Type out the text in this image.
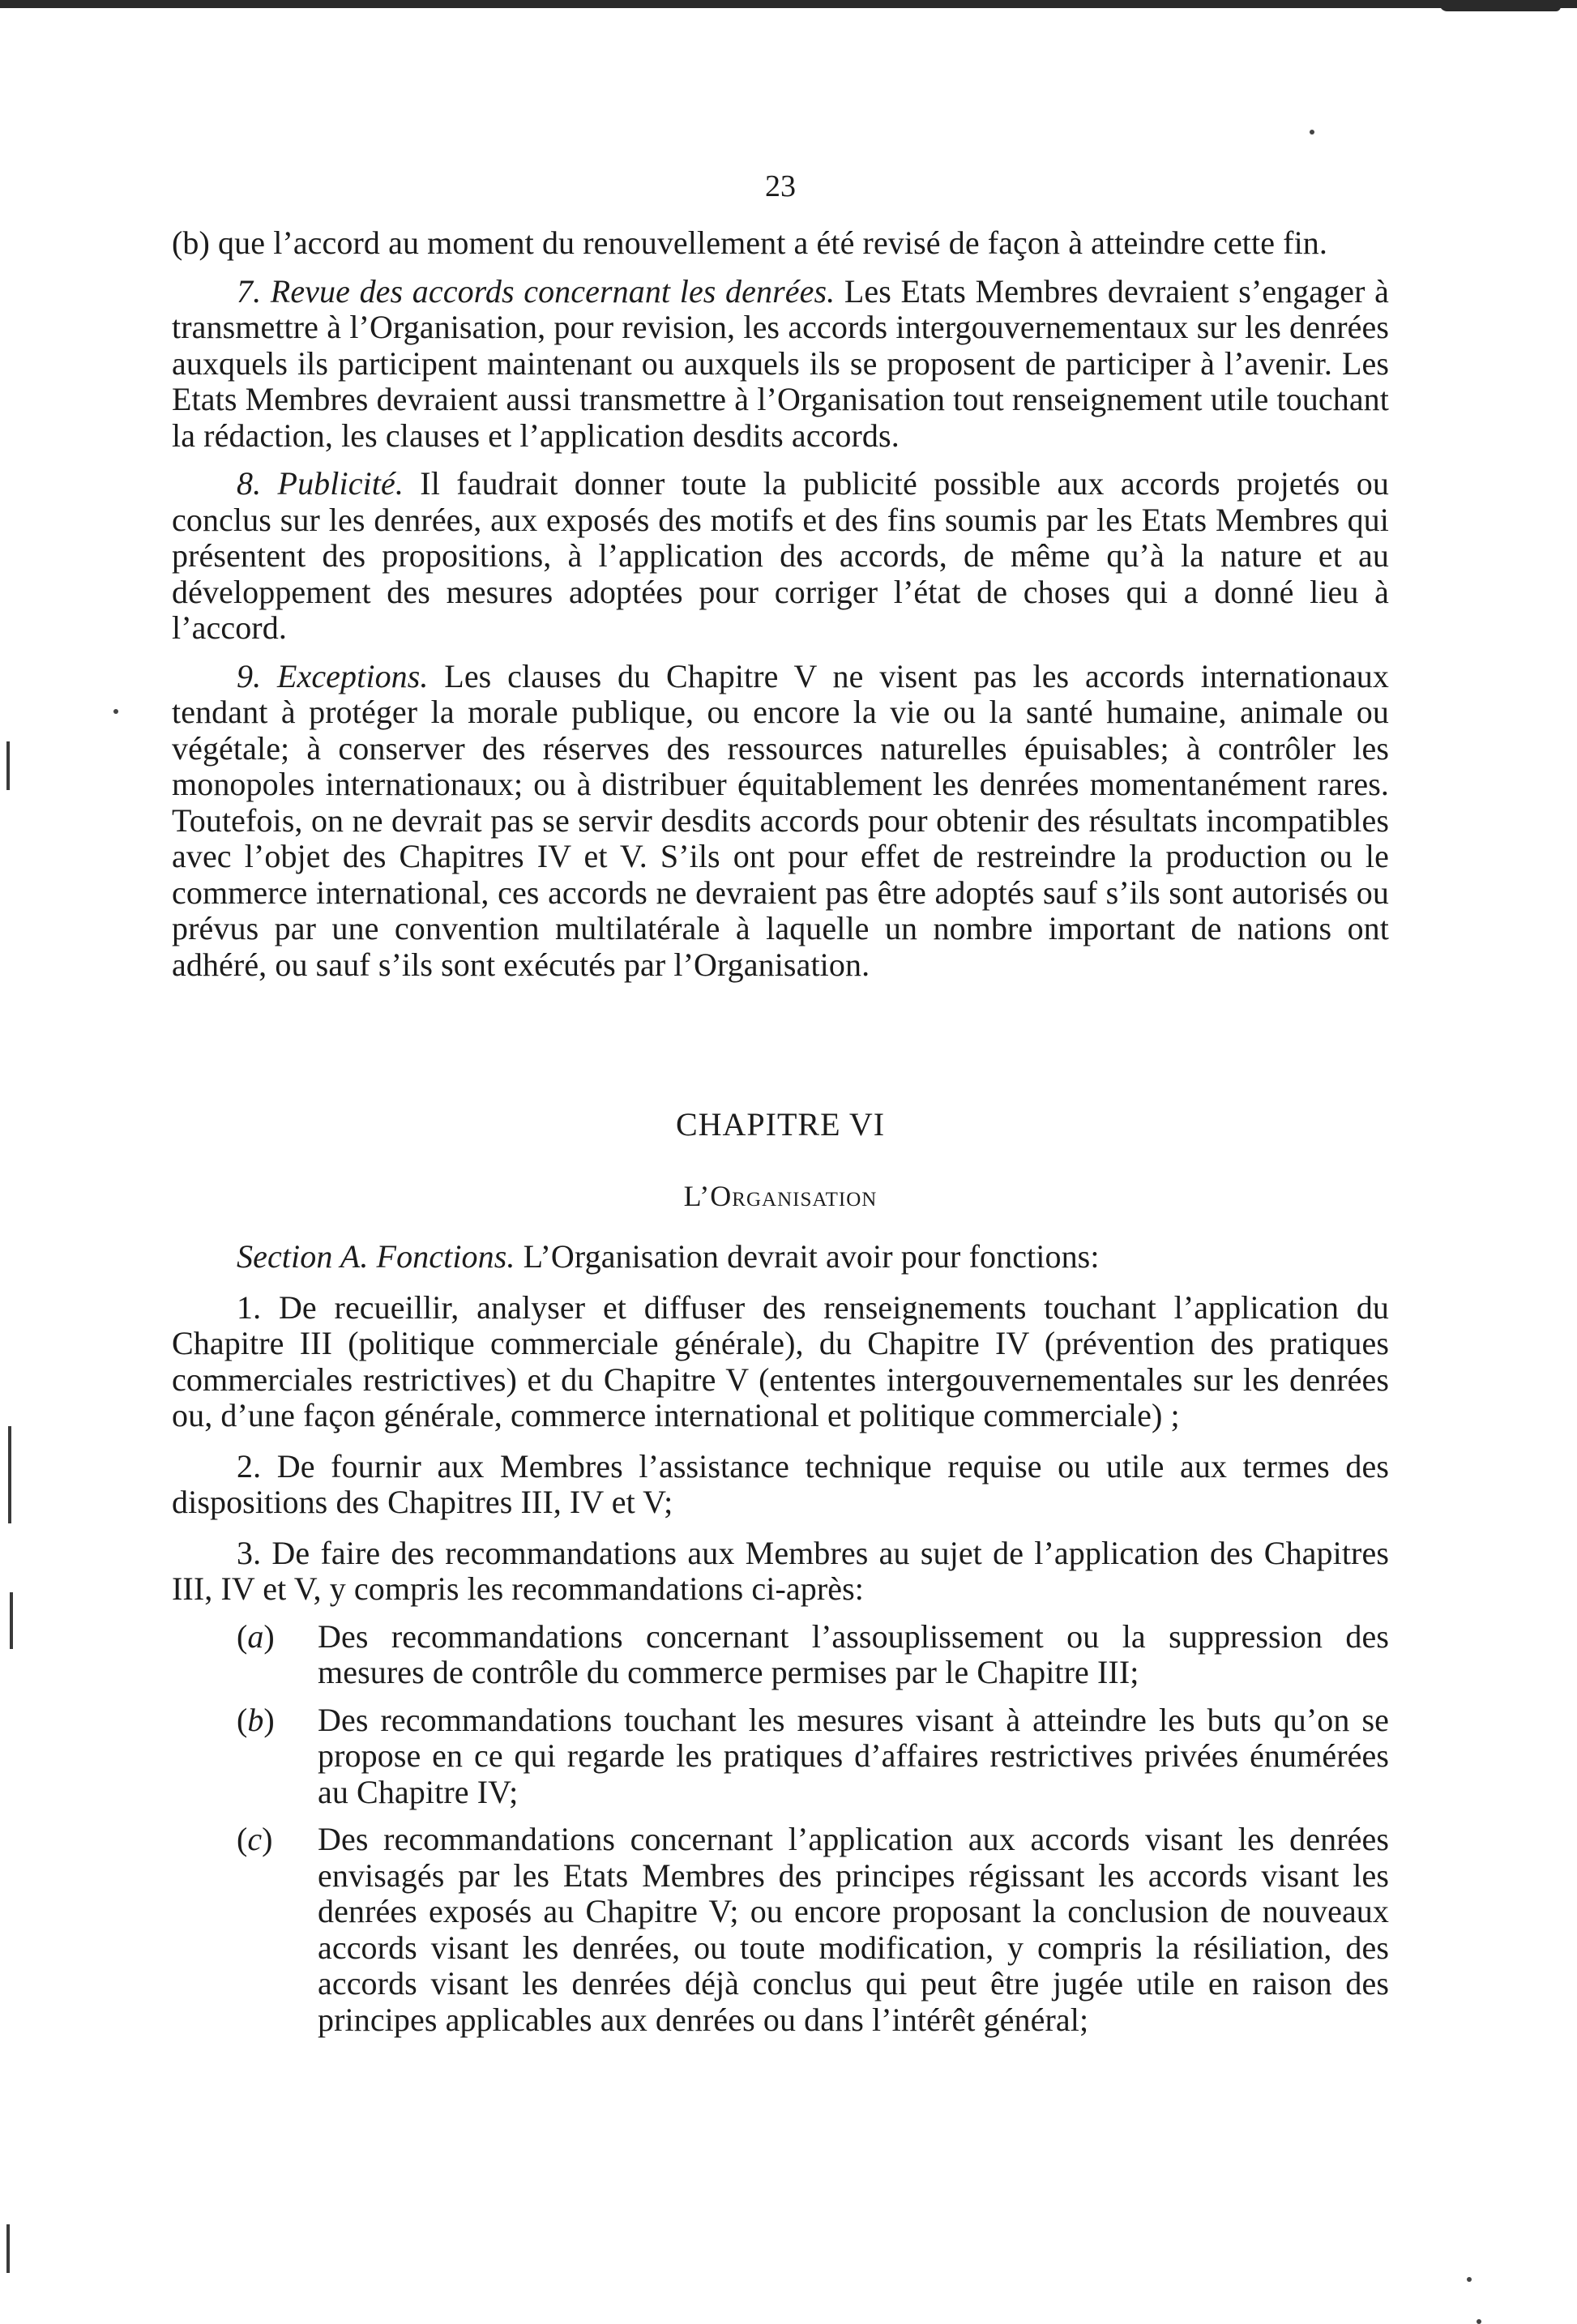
23

(b) que l’accord au moment du renouvellement a été revisé de façon à atteindre cette fin.

7. Revue des accords concernant les denrées. Les Etats Membres devraient s’engager à transmettre à l’Organisation, pour revision, les accords intergouvernementaux sur les denrées auxquels ils participent maintenant ou auxquels ils se proposent de participer à l’avenir. Les Etats Membres devraient aussi transmettre à l’Organisation tout renseignement utile touchant la rédaction, les clauses et l’application desdits accords.

8. Publicité. Il faudrait donner toute la publicité possible aux accords projetés ou conclus sur les denrées, aux exposés des motifs et des fins soumis par les Etats Membres qui présentent des propositions, à l’application des accords, de même qu’à la nature et au développement des mesures adoptées pour corriger l’état de choses qui a donné lieu à l’accord.

9. Exceptions. Les clauses du Chapitre V ne visent pas les accords internationaux tendant à protéger la morale publique, ou encore la vie ou la santé humaine, animale ou végétale; à conserver des réserves des ressources naturelles épuisables; à contrôler les monopoles internationaux; ou à distribuer équitablement les denrées momentanément rares. Toutefois, on ne devrait pas se servir desdits accords pour obtenir des résultats incompatibles avec l’objet des Chapitres IV et V. S’ils ont pour effet de restreindre la production ou le commerce international, ces accords ne devraient pas être adoptés sauf s’ils sont autorisés ou prévus par une convention multilatérale à laquelle un nombre important de nations ont adhéré, ou sauf s’ils sont exécutés par l’Organisation.

CHAPITRE VI
L’Organisation

Section A. Fonctions. L’Organisation devrait avoir pour fonctions:

1. De recueillir, analyser et diffuser des renseignements touchant l’application du Chapitre III (politique commerciale générale), du Chapitre IV (prévention des pratiques commerciales restrictives) et du Chapitre V (ententes intergouvernementales sur les denrées ou, d’une façon générale, commerce international et politique commerciale) ;

2. De fournir aux Membres l’assistance technique requise ou utile aux termes des dispositions des Chapitres III, IV et V;

3. De faire des recommandations aux Membres au sujet de l’application des Chapitres III, IV et V, y compris les recommandations ci-après:

(a)	Des recommandations concernant l’assouplissement ou la suppression des mesures de contrôle du commerce permises par le Chapitre III;

(b)	Des recommandations touchant les mesures visant à atteindre les buts qu’on se propose en ce qui regarde les pratiques d’affaires restrictives privées énumérées au Chapitre IV;

(c)	Des recommandations concernant l’application aux accords visant les denrées envisagés par les Etats Membres des principes régissant les accords visant les denrées exposés au Chapitre V; ou encore proposant la conclusion de nouveaux accords visant les denrées, ou toute modification, y compris la résiliation, des accords visant les denrées déjà conclus qui peut être jugée utile en raison des principes applicables aux denrées ou dans l’intérêt général;
